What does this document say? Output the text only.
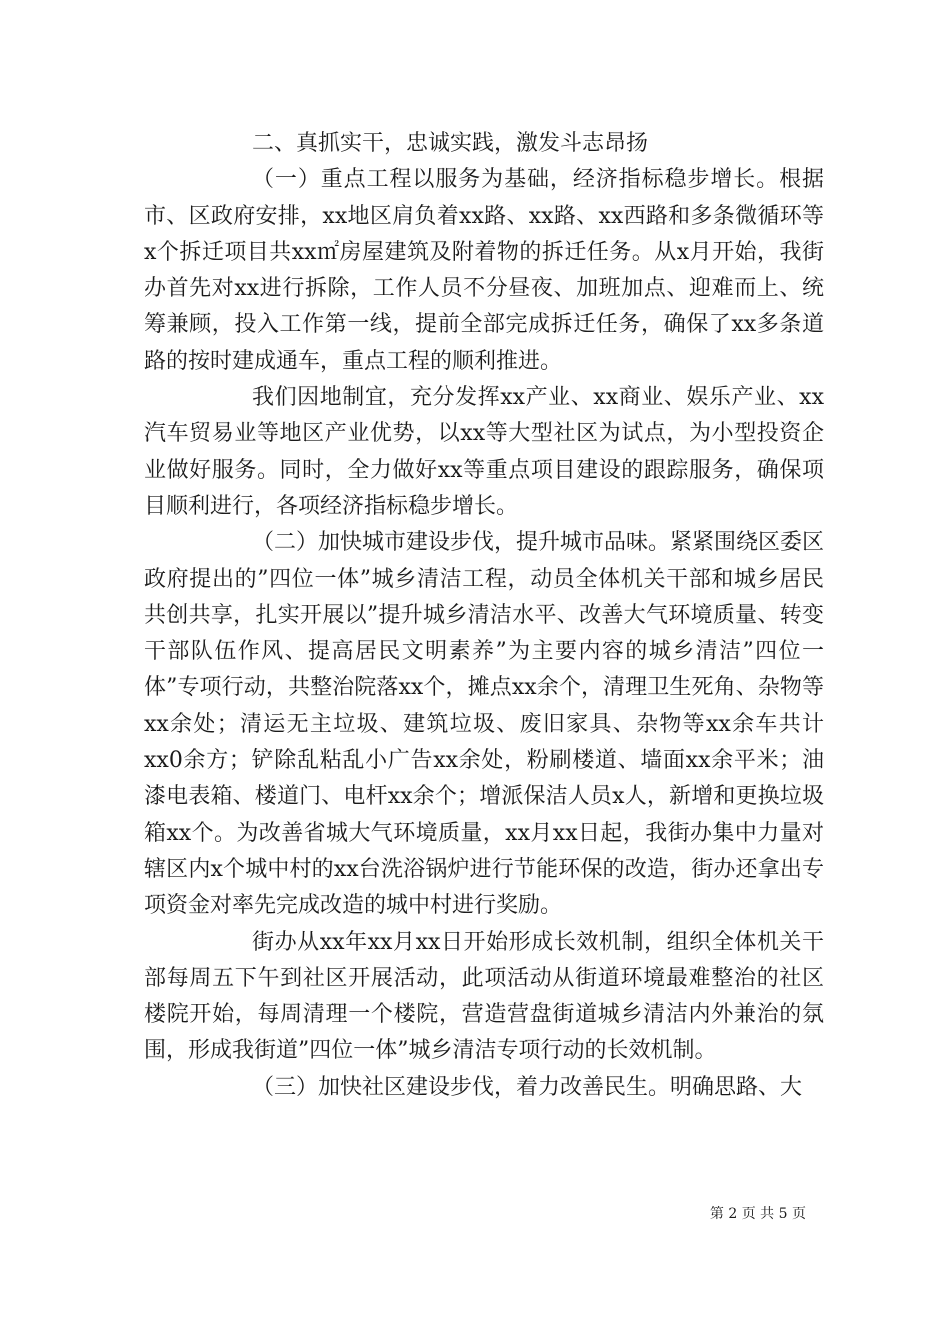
二、真抓实干，忠诚实践，激发斗志昂扬

（一）重点工程以服务为基础，经济指标稳步增长。根据市、区政府安排，xx地区肩负着xx路、xx路、xx西路和多条微循环等x个拆迁项目共xx㎡房屋建筑及附着物的拆迁任务。从x月开始，我街办首先对xx进行拆除，工作人员不分昼夜、加班加点、迎难而上、统筹兼顾，投入工作第一线，提前全部完成拆迁任务，确保了xx多条道路的按时建成通车，重点工程的顺利推进。

我们因地制宜，充分发挥xx产业、xx商业、娱乐产业、xx汽车贸易业等地区产业优势，以xx等大型社区为试点，为小型投资企业做好服务。同时，全力做好xx等重点项目建设的跟踪服务，确保项目顺利进行，各项经济指标稳步增长。

（二）加快城市建设步伐，提升城市品味。紧紧围绕区委区政府提出的”四位一体”城乡清洁工程，动员全体机关干部和城乡居民共创共享，扎实开展以”提升城乡清洁水平、改善大气环境质量、转变干部队伍作风、提高居民文明素养”为主要内容的城乡清洁”四位一体”专项行动，共整治院落xx个，摊点xx余个，清理卫生死角、杂物等xx余处；清运无主垃圾、建筑垃圾、废旧家具、杂物等xx余车共计xx0余方；铲除乱粘乱小广告xx余处，粉刷楼道、墙面xx余平米；油漆电表箱、楼道门、电杆xx余个；增派保洁人员x人，新增和更换垃圾箱xx个。为改善省城大气环境质量，xx月xx日起，我街办集中力量对辖区内x个城中村的xx台洗浴锅炉进行节能环保的改造，街办还拿出专项资金对率先完成改造的城中村进行奖励。

街办从xx年xx月xx日开始形成长效机制，组织全体机关干部每周五下午到社区开展活动，此项活动从街道环境最难整治的社区楼院开始，每周清理一个楼院，营造营盘街道城乡清洁内外兼治的氛围，形成我街道”四位一体”城乡清洁专项行动的长效机制。

（三）加快社区建设步伐，着力改善民生。明确思路、大

第 2 页 共 5 页
